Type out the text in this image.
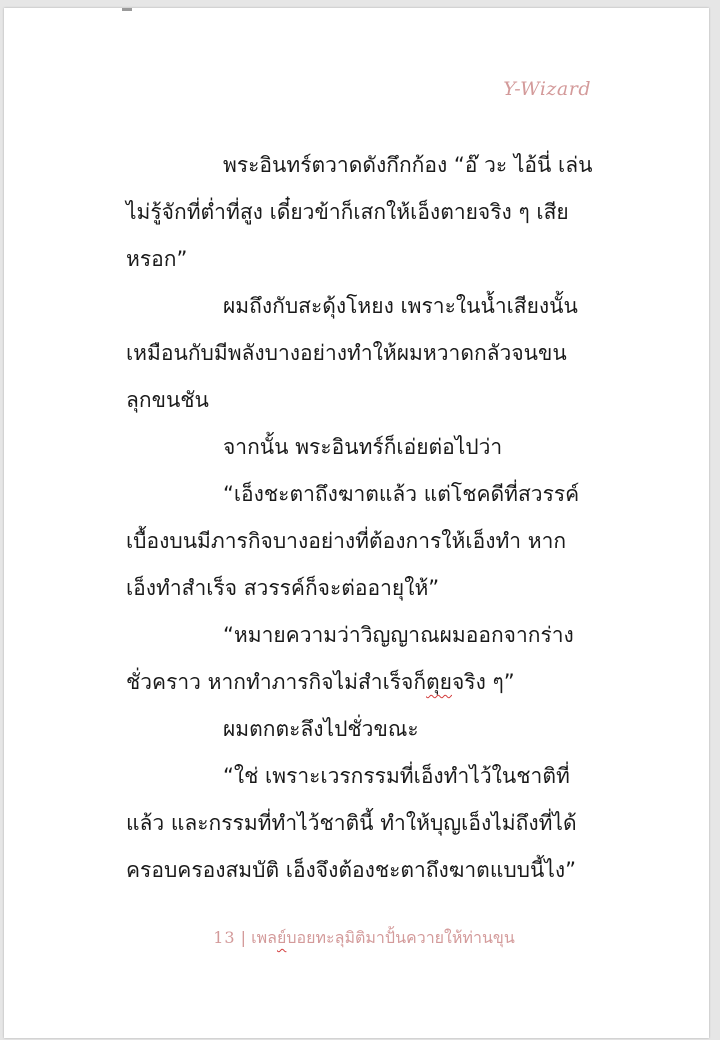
Y-Wizard
พระอินทร์ตวาดดังกึกก้อง “อ๊ วะ ไอ้นี่ เล่น
ไม่รู้จักที่ต่ำที่สูง เดี๋ยวข้าก็เสกให้เอ็งตายจริง ๆ เสีย
หรอก”
ผมถึงกับสะดุ้งโหยง เพราะในน้ำเสียงนั้น
เหมือนกับมีพลังบางอย่างทำให้ผมหวาดกลัวจนขน
ลุกขนชัน
จากนั้น พระอินทร์ก็เอ่ยต่อไปว่า
“เอ็งชะตาถึงฆาตแล้ว แต่โชคดีที่สวรรค์
เบื้องบนมีภารกิจบางอย่างที่ต้องการให้เอ็งทำ หาก
เอ็งทำสำเร็จ สวรรค์ก็จะต่ออายุให้”
“หมายความว่าวิญญาณผมออกจากร่าง
ชั่วคราว หากทำภารกิจไม่สำเร็จก็ตุยจริง ๆ”
ผมตกตะลึงไปชั่วขณะ
“ใช่ เพราะเวรกรรมที่เอ็งทำไว้ในชาติที่
แล้ว และกรรมที่ทำไว้ชาตินี้ ทำให้บุญเอ็งไม่ถึงที่ได้
ครอบครองสมบัติ เอ็งจึงต้องชะตาถึงฆาตแบบนี้ไง”
13 | เพลย์บอยทะลุมิติมาปั้นควายให้ท่านขุน
